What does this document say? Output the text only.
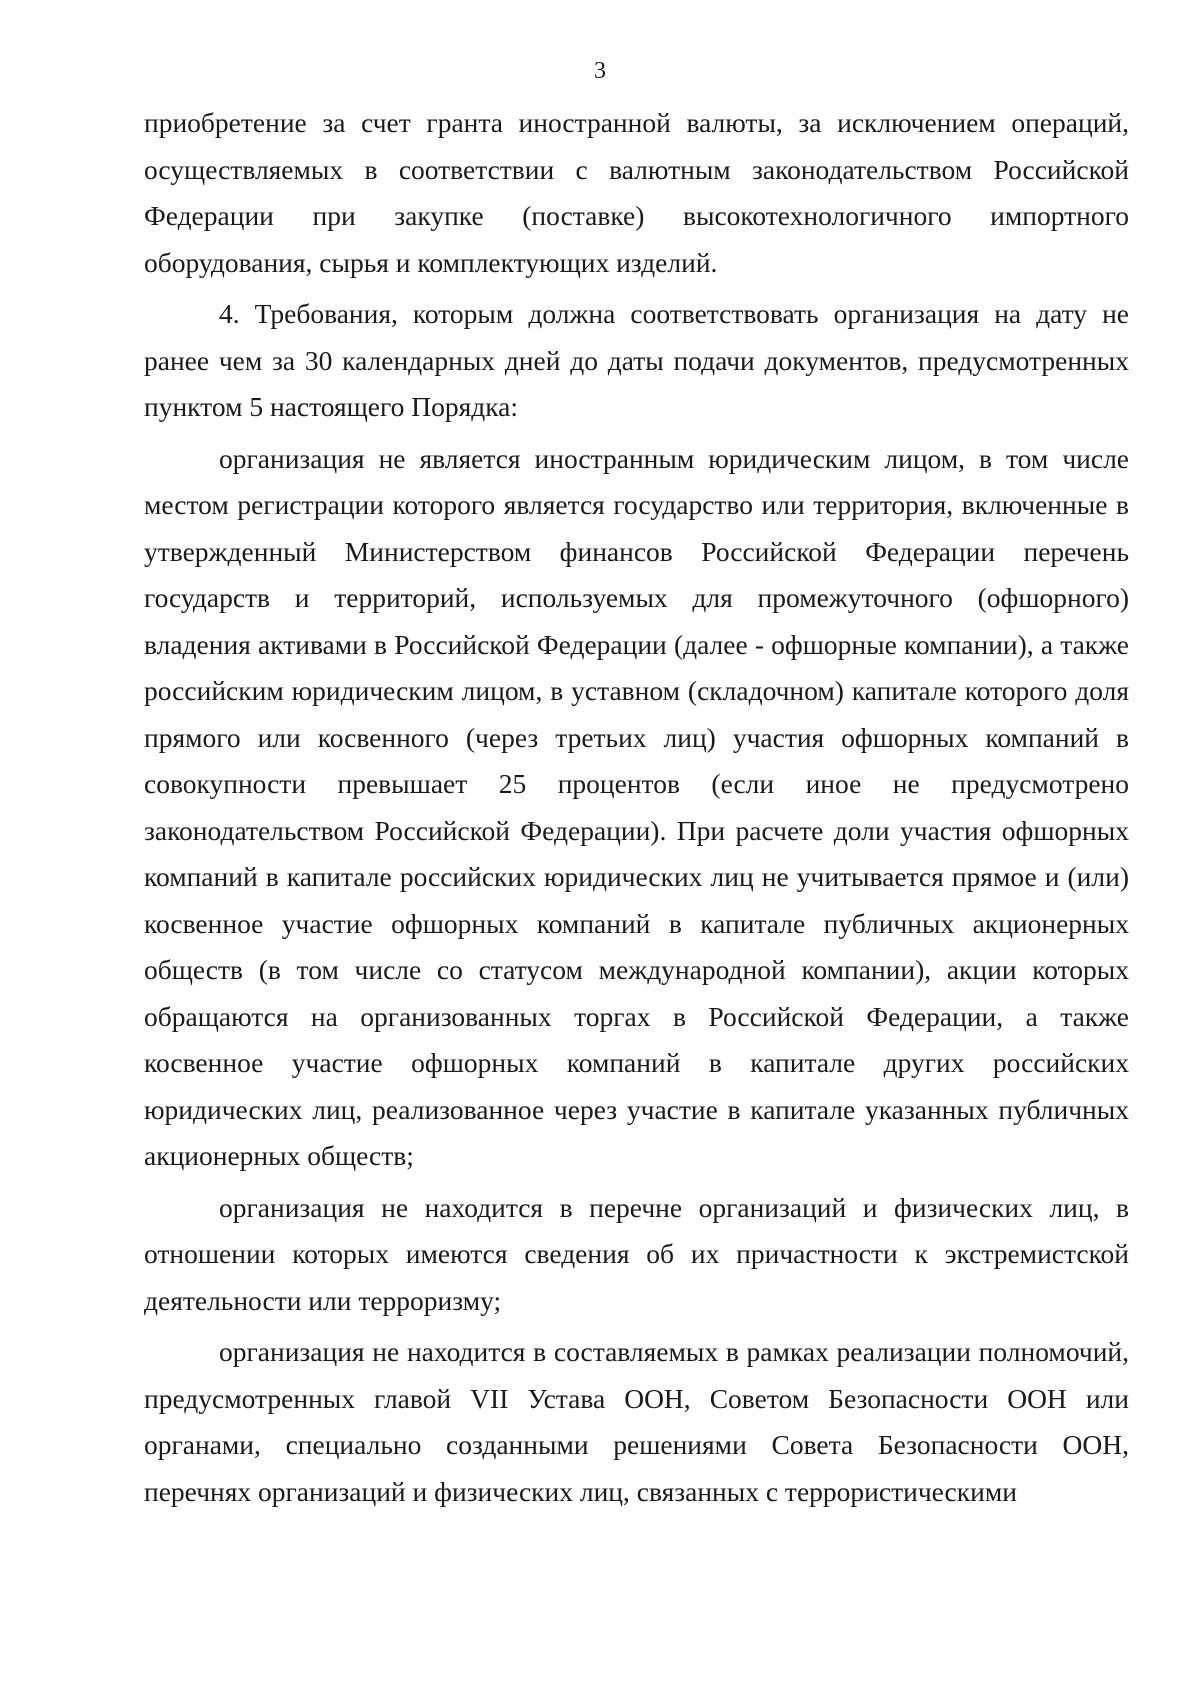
3

приобретение за счет гранта иностранной валюты, за исключением операций, осуществляемых в соответствии с валютным законодательством Российской Федерации при закупке (поставке) высокотехнологичного импортного оборудования, сырья и комплектующих изделий.

4. Требования, которым должна соответствовать организация на дату не ранее чем за 30 календарных дней до даты подачи документов, предусмотренных пунктом 5 настоящего Порядка:

организация не является иностранным юридическим лицом, в том числе местом регистрации которого является государство или территория, включенные в утвержденный Министерством финансов Российской Федерации перечень государств и территорий, используемых для промежуточного (офшорного) владения активами в Российской Федерации (далее - офшорные компании), а также российским юридическим лицом, в уставном (складочном) капитале которого доля прямого или косвенного (через третьих лиц) участия офшорных компаний в совокупности превышает 25 процентов (если иное не предусмотрено законодательством Российской Федерации). При расчете доли участия офшорных компаний в капитале российских юридических лиц не учитывается прямое и (или) косвенное участие офшорных компаний в капитале публичных акционерных обществ (в том числе со статусом международной компании), акции которых обращаются на организованных торгах в Российской Федерации, а также косвенное участие офшорных компаний в капитале других российских юридических лиц, реализованное через участие в капитале указанных публичных акционерных обществ;

организация не находится в перечне организаций и физических лиц, в отношении которых имеются сведения об их причастности к экстремистской деятельности или терроризму;

организация не находится в составляемых в рамках реализации полномочий, предусмотренных главой VII Устава ООН, Советом Безопасности ООН или органами, специально созданными решениями Совета Безопасности ООН, перечнях организаций и физических лиц, связанных с террористическими
